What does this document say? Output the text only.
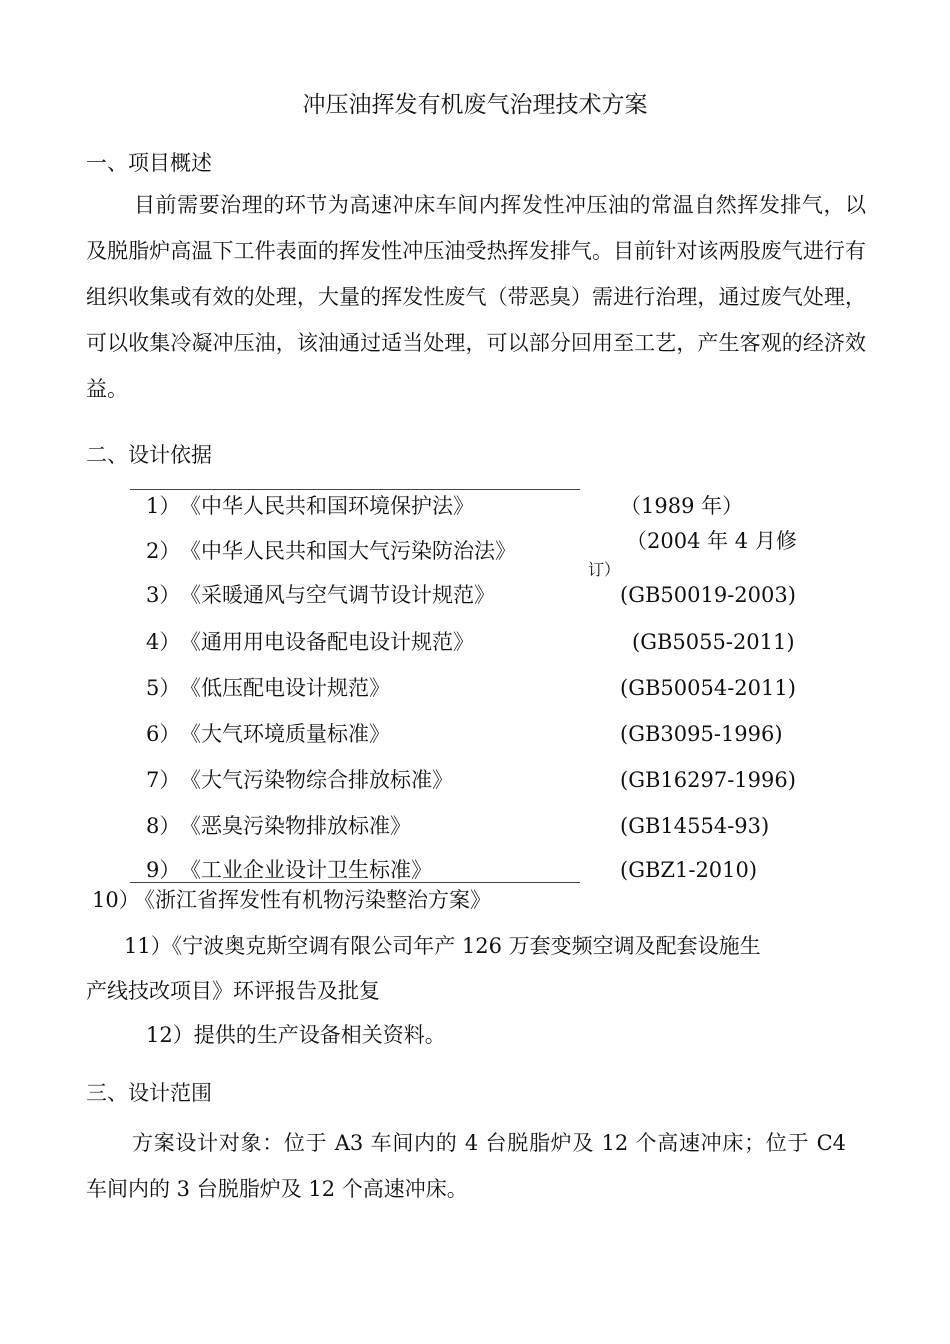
冲压油挥发有机废气治理技术方案
一、项目概述
目前需要治理的环节为高速冲床车间内挥发性冲压油的常温自然挥发排气，以及脱脂炉高温下工件表面的挥发性冲压油受热挥发排气。目前针对该两股废气进行有组织收集或有效的处理，大量的挥发性废气（带恶臭）需进行治理，通过废气处理，可以收集冷凝冲压油，该油通过适当处理，可以部分回用至工艺，产生客观的经济效益。
二、设计依据
1） 《中华人民共和国环境保护法》	（1989 年）
2） 《中华人民共和国大气污染防治法》	（2004 年 4 月修
订）
3） 《采暖通风与空气调节设计规范》	(GB50019-2003)
4） 《通用用电设备配电设计规范》	(GB5055-2011)
5） 《低压配电设计规范》	(GB50054-2011)
6） 《大气环境质量标准》	(GB3095-1996)
7） 《大气污染物综合排放标准》	(GB16297-1996)
8） 《恶臭污染物排放标准》	(GB14554-93)
9） 《工业企业设计卫生标准》	(GBZ1-2010)
10）
《浙江省挥发性有机物污染整治方案》
11）《宁波奥克斯空调有限公司年产 126 万套变频空调及配套设施生
产线技改项目》环评报告及批复
12）提供的生产设备相关资料。
三、设计范围
方案设计对象：位于 A3 车间内的 4 台脱脂炉及 12 个高速冲床；位于 C4 车间内的 3 台脱脂炉及 12 个高速冲床。
